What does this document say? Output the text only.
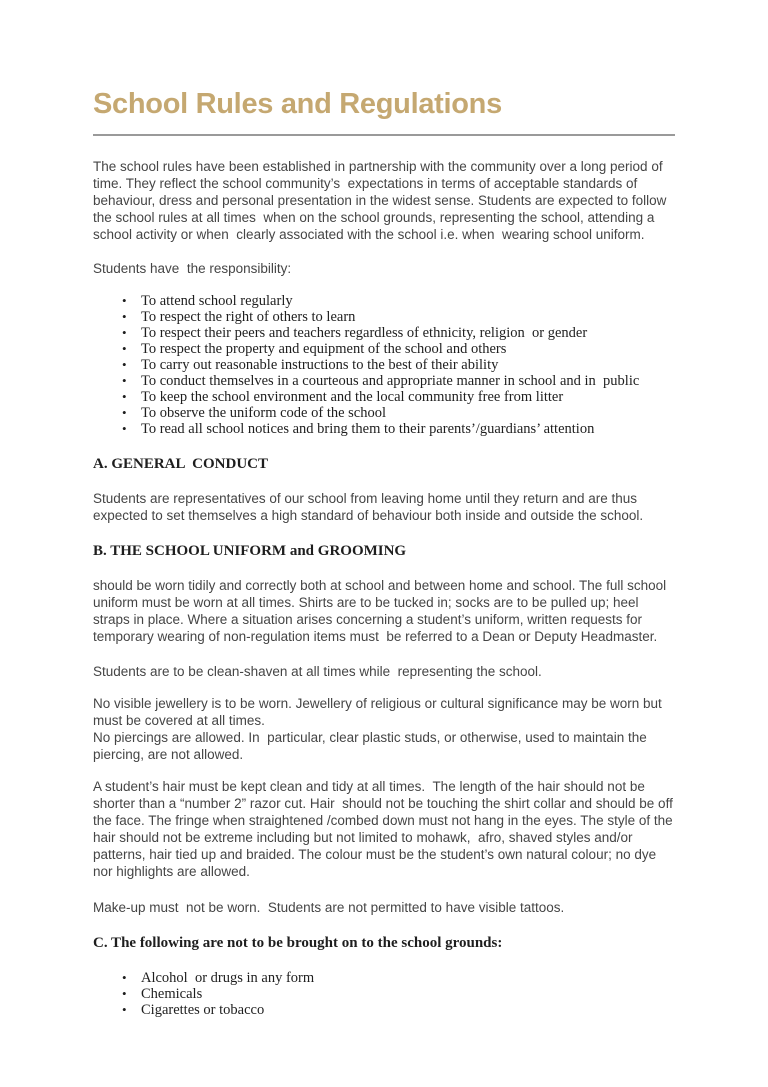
School Rules and Regulations

The school rules have been established in partnership with the community over a long period of time. They reflect the school community’s  expectations in terms of acceptable standards of behaviour, dress and personal presentation in the widest sense. Students are expected to follow the school rules at all times  when on the school grounds, representing the school, attending a school activity or when  clearly associated with the school i.e. when  wearing school uniform.

Students have  the responsibility:

• To attend school regularly
• To respect the right of others to learn
• To respect their peers and teachers regardless of ethnicity, religion  or gender
• To respect the property and equipment of the school and others
• To carry out reasonable instructions to the best of their ability
• To conduct themselves in a courteous and appropriate manner in school and in  public
• To keep the school environment and the local community free from litter
• To observe the uniform code of the school
• To read all school notices and bring them to their parents’/guardians’ attention
A. GENERAL  CONDUCT

Students are representatives of our school from leaving home until they return and are thus expected to set themselves a high standard of behaviour both inside and outside the school.

B. THE SCHOOL UNIFORM and GROOMING

should be worn tidily and correctly both at school and between home and school. The full school uniform must be worn at all times. Shirts are to be tucked in; socks are to be pulled up; heel straps in place. Where a situation arises concerning a student’s uniform, written requests for temporary wearing of non-regulation items must  be referred to a Dean or Deputy Headmaster.

Students are to be clean-shaven at all times while  representing the school.

No visible jewellery is to be worn. Jewellery of religious or cultural significance may be worn but must be covered at all times.

No piercings are allowed. In  particular, clear plastic studs, or otherwise, used to maintain the piercing, are not allowed.

A student’s hair must be kept clean and tidy at all times.  The length of the hair should not be shorter than a “number 2” razor cut. Hair  should not be touching the shirt collar and should be off the face. The fringe when straightened /combed down must not hang in the eyes. The style of the hair should not be extreme including but not limited to mohawk,  afro, shaved styles and/or patterns, hair tied up and braided. The colour must be the student’s own natural colour; no dye nor highlights are allowed.

Make-up must  not be worn.  Students are not permitted to have visible tattoos.

C. The following are not to be brought on to the school grounds:
• Alcohol  or drugs in any form
• Chemicals
• Cigarettes or tobacco
